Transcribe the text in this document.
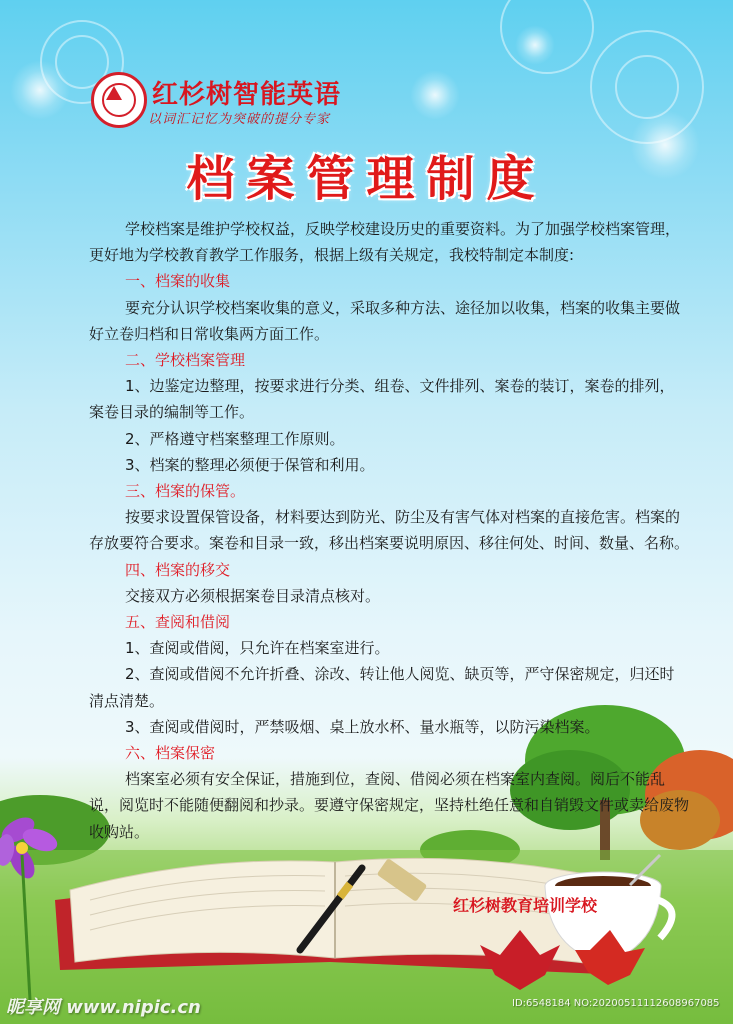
红杉树智能英语
以词汇记忆为突破的提分专家
档案管理制度

学校档案是维护学校权益，反映学校建设历史的重要资料。为了加强学校档案管理，更好地为学校教育教学工作服务，根据上级有关规定，我校特制定本制度:

一、档案的收集

要充分认识学校档案收集的意义，采取多种方法、途径加以收集，档案的收集主要做好立卷归档和日常收集两方面工作。

二、学校档案管理

1、边鉴定边整理，按要求进行分类、组卷、文件排列、案卷的装订，案卷的排列，案卷目录的编制等工作。

2、严格遵守档案整理工作原则。

3、档案的整理必须便于保管和利用。

三、档案的保管。

按要求设置保管设备，材料要达到防光、防尘及有害气体对档案的直接危害。档案的存放要符合要求。案卷和目录一致，移出档案要说明原因、移往何处、时间、数量、名称。

四、档案的移交

交接双方必须根据案卷目录清点核对。

五、查阅和借阅

1、查阅或借阅，只允许在档案室进行。

2、查阅或借阅不允许折叠、涂改、转让他人阅览、缺页等，严守保密规定，归还时清点清楚。

3、查阅或借阅时，严禁吸烟、桌上放水杯、量水瓶等，以防污染档案。

六、档案保密

档案室必须有安全保证，措施到位，查阅、借阅必须在档案室内查阅。阅后不能乱说，阅览时不能随便翻阅和抄录。要遵守保密规定，坚持杜绝任意和自销毁文件或卖给废物收购站。

红杉树教育培训学校
昵享网 www.nipic.cn	ID:6548184 NO:20200511112608967085
